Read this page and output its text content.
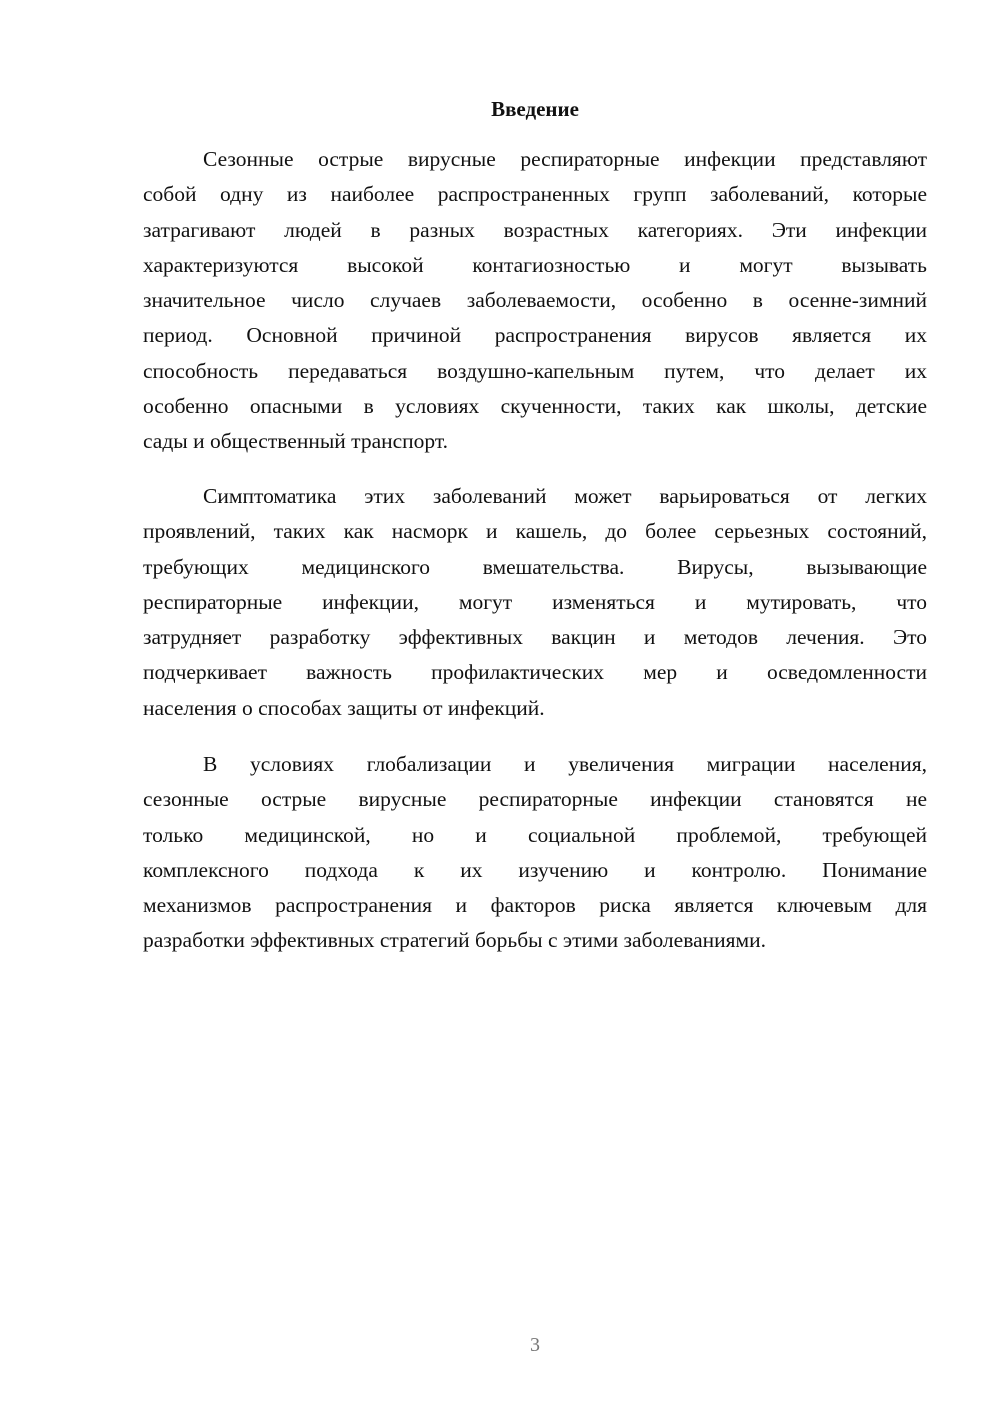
Введение
Сезонные острые вирусные респираторные инфекции представляют
собой одну из наиболее распространенных групп заболеваний, которые
затрагивают людей в разных возрастных категориях. Эти инфекции
характеризуются высокой контагиозностью и могут вызывать
значительное число случаев заболеваемости, особенно в осенне-зимний
период. Основной причиной распространения вирусов является их
способность передаваться воздушно-капельным путем, что делает их
особенно опасными в условиях скученности, таких как школы, детские
сады и общественный транспорт.
Симптоматика этих заболеваний может варьироваться от легких
проявлений, таких как насморк и кашель, до более серьезных состояний,
требующих медицинского вмешательства. Вирусы, вызывающие
респираторные инфекции, могут изменяться и мутировать, что
затрудняет разработку эффективных вакцин и методов лечения. Это
подчеркивает важность профилактических мер и осведомленности
населения о способах защиты от инфекций.
В условиях глобализации и увеличения миграции населения,
сезонные острые вирусные респираторные инфекции становятся не
только медицинской, но и социальной проблемой, требующей
комплексного подхода к их изучению и контролю. Понимание
механизмов распространения и факторов риска является ключевым для
разработки эффективных стратегий борьбы с этими заболеваниями.
3
